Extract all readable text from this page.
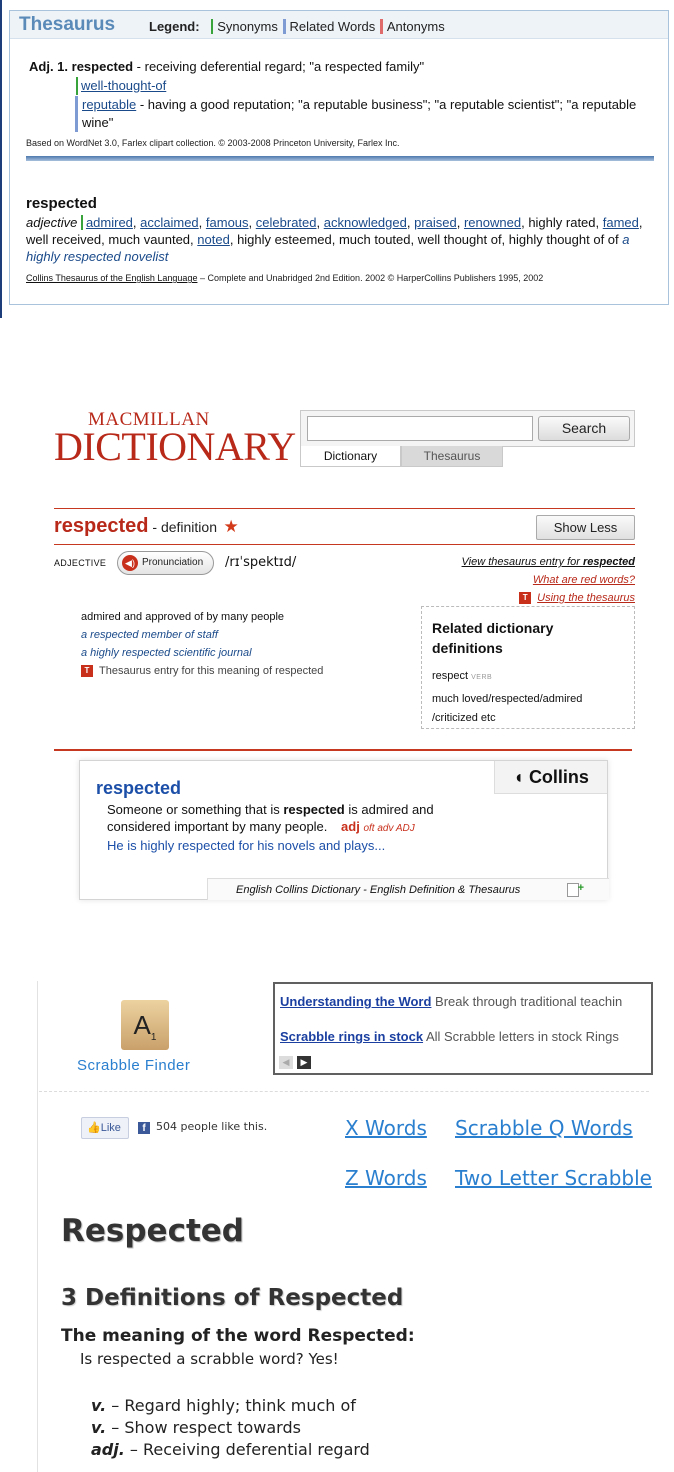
Thesaurus	Legend: Synonyms Related Words Antonyms
Adj. 1. respected - receiving deferential regard; "a respected family"
well-thought-of
reputable - having a good reputation; "a reputable business"; "a reputable scientist"; "a reputable wine"
Based on WordNet 3.0, Farlex clipart collection. © 2003-2008 Princeton University, Farlex Inc.
respected
adjective admired, acclaimed, famous, celebrated, acknowledged, praised, renowned, highly rated, famed, well received, much vaunted, noted, highly esteemed, much touted, well thought of, highly thought of of a highly respected novelist
Collins Thesaurus of the English Language – Complete and Unabridged 2nd Edition. 2002 © HarperCollins Publishers 1995, 2002
MACMILLAN
DICTIONARY	Search
Dictionary	Thesaurus
respected - definition ★	Show Less
ADJECTIVE	◀) Pronunciation	/rɪˈspektɪd/	View thesaurus entry for respected
What are red words?
T Using the thesaurus
admired and approved of by many people
a respected member of staff
a highly respected scientific journal
T Thesaurus entry for this meaning of respected
Related dictionary definitions
respect VERB
much loved/respected/admired /criticized etc
respected
◖ Collins
Someone or something that is respected is admired and considered important by many people. adj oft adv ADJ
He is highly respected for his novels and plays...
English Collins Dictionary - English Definition & Thesaurus
+
$A_1$
Scrabble Finder
Understanding the Word Break through traditional teachin
Scrabble rings in stock All Scrabble letters in stock Rings
◀	▶
👍Like	f 504 people like this.	X Words Scrabble Q Words
Z Words Two Letter Scrabble
Respected
3 Definitions of Respected
The meaning of the word Respected:
Is respected a scrabble word? Yes!
v. – Regard highly; think much of
v. – Show respect towards
adj. – Receiving deferential regard
